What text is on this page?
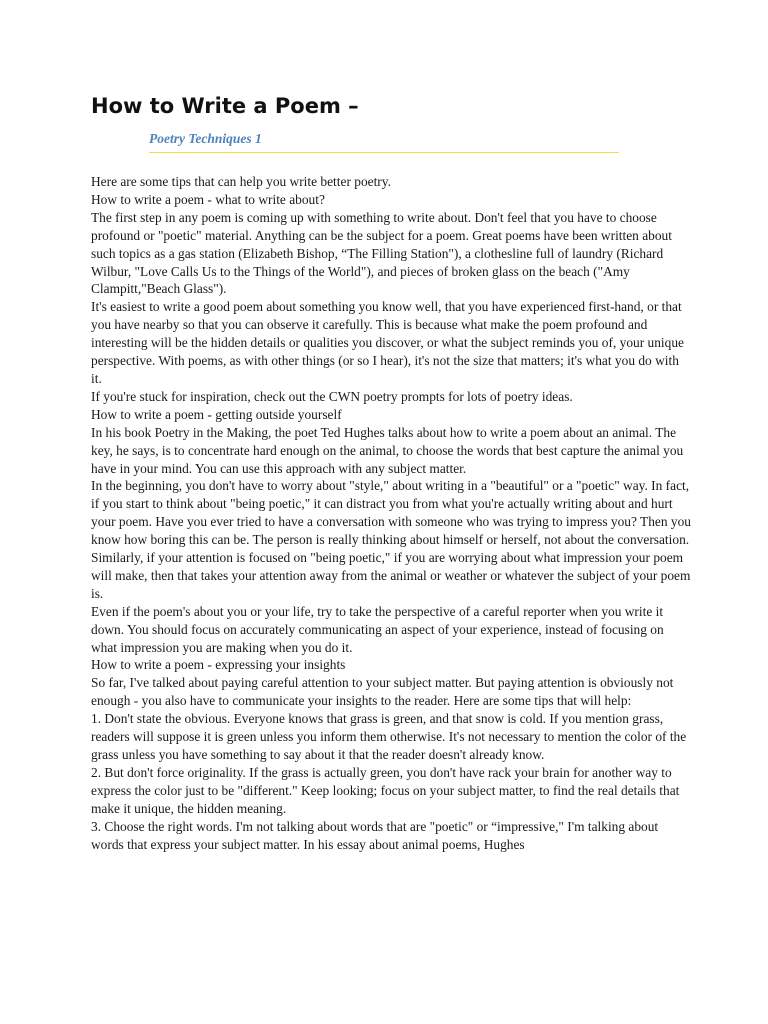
How to Write a Poem –
Poetry Techniques 1

Here are some tips that can help you write better poetry.

How to write a poem - what to write about?

The first step in any poem is coming up with something to write about. Don't feel that you have to choose profound or "poetic" material. Anything can be the subject for a poem. Great poems have been written about such topics as a gas station (Elizabeth Bishop, “The Filling Station"), a clothesline full of laundry (Richard Wilbur, "Love Calls Us to the Things of the World"), and pieces of broken glass on the beach ("Amy Clampitt,"Beach Glass").

It's easiest to write a good poem about something you know well, that you have experienced first-hand, or that you have nearby so that you can observe it carefully. This is because what make the poem profound and interesting will be the hidden details or qualities you discover, or what the subject reminds you of, your unique perspective. With poems, as with other things (or so I hear), it's not the size that matters; it's what you do with it.

If you're stuck for inspiration, check out the CWN poetry prompts for lots of poetry ideas.

How to write a poem - getting outside yourself

In his book Poetry in the Making, the poet Ted Hughes talks about how to write a poem about an animal. The key, he says, is to concentrate hard enough on the animal, to choose the words that best capture the animal you have in your mind. You can use this approach with any subject matter.

In the beginning, you don't have to worry about "style," about writing in a "beautiful" or a "poetic" way. In fact, if you start to think about "being poetic," it can distract you from what you're actually writing about and hurt your poem. Have you ever tried to have a conversation with someone who was trying to impress you? Then you know how boring this can be. The person is really thinking about himself or herself, not about the conversation. Similarly, if your attention is focused on "being poetic," if you are worrying about what impression your poem will make, then that takes your attention away from the animal or weather or whatever the subject of your poem is.

Even if the poem's about you or your life, try to take the perspective of a careful reporter when you write it down. You should focus on accurately communicating an aspect of your experience, instead of focusing on what impression you are making when you do it.

How to write a poem - expressing your insights

So far, I've talked about paying careful attention to your subject matter. But paying attention is obviously not enough - you also have to communicate your insights to the reader. Here are some tips that will help:

1. Don't state the obvious. Everyone knows that grass is green, and that snow is cold. If you mention grass, readers will suppose it is green unless you inform them otherwise. It's not necessary to mention the color of the grass unless you have something to say about it that the reader doesn't already know.

2. But don't force originality. If the grass is actually green, you don't have rack your brain for another way to express the color just to be "different." Keep looking; focus on your subject matter, to find the real details that make it unique, the hidden meaning.

3. Choose the right words. I'm not talking about words that are "poetic" or “impressive," I'm talking about words that express your subject matter. In his essay about animal poems, Hughes
